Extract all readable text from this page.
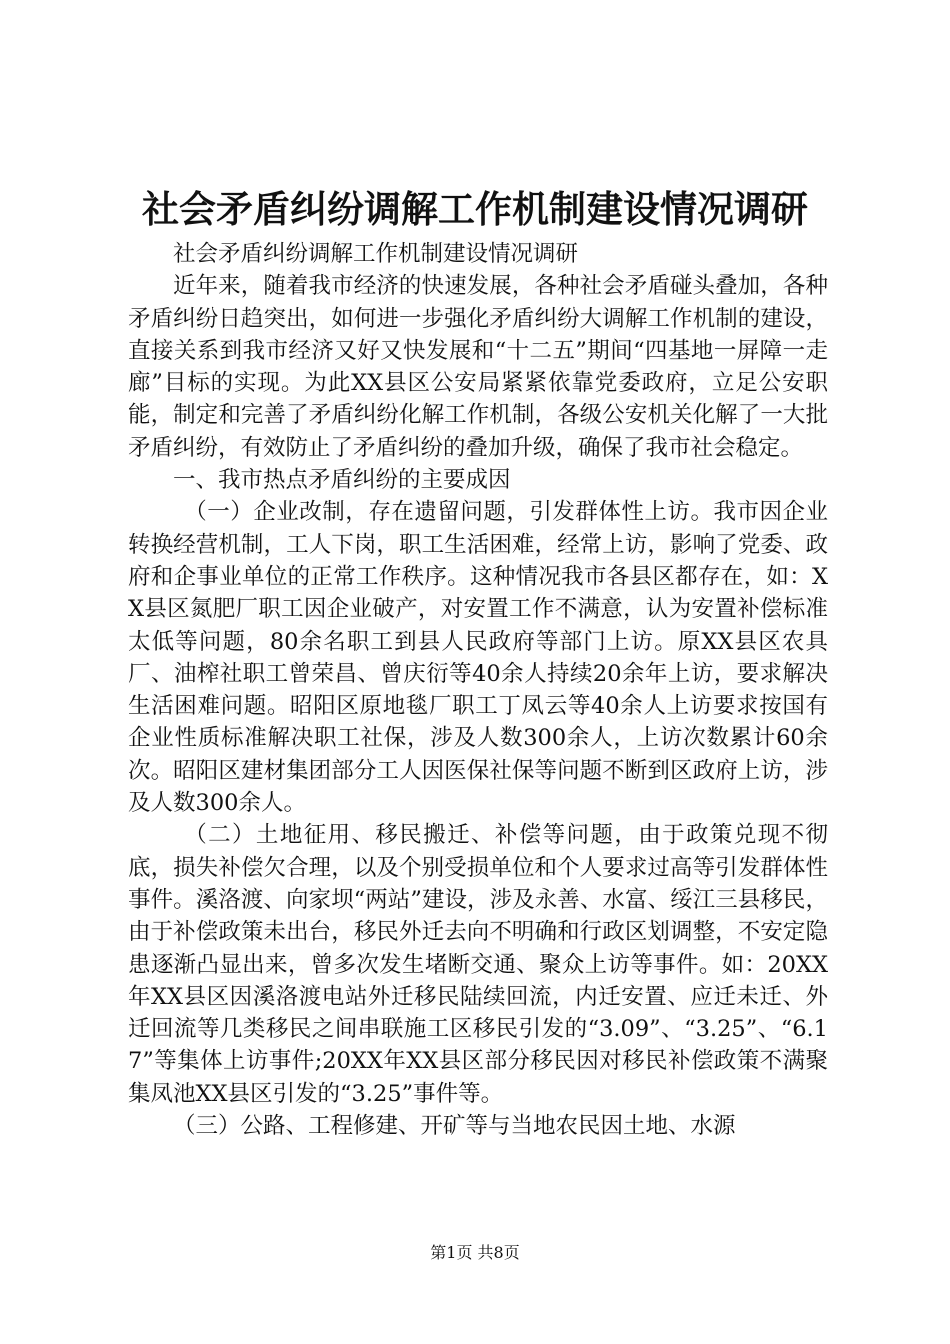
社会矛盾纠纷调解工作机制建设情况调研

社会矛盾纠纷调解工作机制建设情况调研

近年来，随着我市经济的快速发展，各种社会矛盾碰头叠加，各种矛盾纠纷日趋突出，如何进一步强化矛盾纠纷大调解工作机制的建设，直接关系到我市经济又好又快发展和“十二五”期间“四基地一屏障一走廊”目标的实现。为此XX县区公安局紧紧依靠党委政府，立足公安职能，制定和完善了矛盾纠纷化解工作机制，各级公安机关化解了一大批矛盾纠纷，有效防止了矛盾纠纷的叠加升级，确保了我市社会稳定。

一、我市热点矛盾纠纷的主要成因

（一）企业改制，存在遗留问题，引发群体性上访。我市因企业转换经营机制，工人下岗，职工生活困难，经常上访，影响了党委、政府和企事业单位的正常工作秩序。这种情况我市各县区都存在，如：XX县区氮肥厂职工因企业破产，对安置工作不满意，认为安置补偿标准太低等问题，80余名职工到县人民政府等部门上访。原XX县区农具厂、油榨社职工曾荣昌、曾庆衍等40余人持续20余年上访，要求解决生活困难问题。昭阳区原地毯厂职工丁凤云等40余人上访要求按国有企业性质标准解决职工社保，涉及人数300余人，上访次数累计60余次。昭阳区建材集团部分工人因医保社保等问题不断到区政府上访，涉及人数300余人。

（二）土地征用、移民搬迁、补偿等问题，由于政策兑现不彻底，损失补偿欠合理，以及个别受损单位和个人要求过高等引发群体性事件。溪洛渡、向家坝“两站”建设，涉及永善、水富、绥江三县移民，由于补偿政策未出台，移民外迁去向不明确和行政区划调整，不安定隐患逐渐凸显出来，曾多次发生堵断交通、聚众上访等事件。如：20XX年XX县区因溪洛渡电站外迁移民陆续回流，内迁安置、应迁未迁、外迁回流等几类移民之间串联施工区移民引发的“3.09”、“3.25”、“6.17”等集体上访事件;20XX年XX县区部分移民因对移民补偿政策不满聚集凤池XX县区引发的“3.25”事件等。

（三）公路、工程修建、开矿等与当地农民因土地、水源

第1页 共8页
